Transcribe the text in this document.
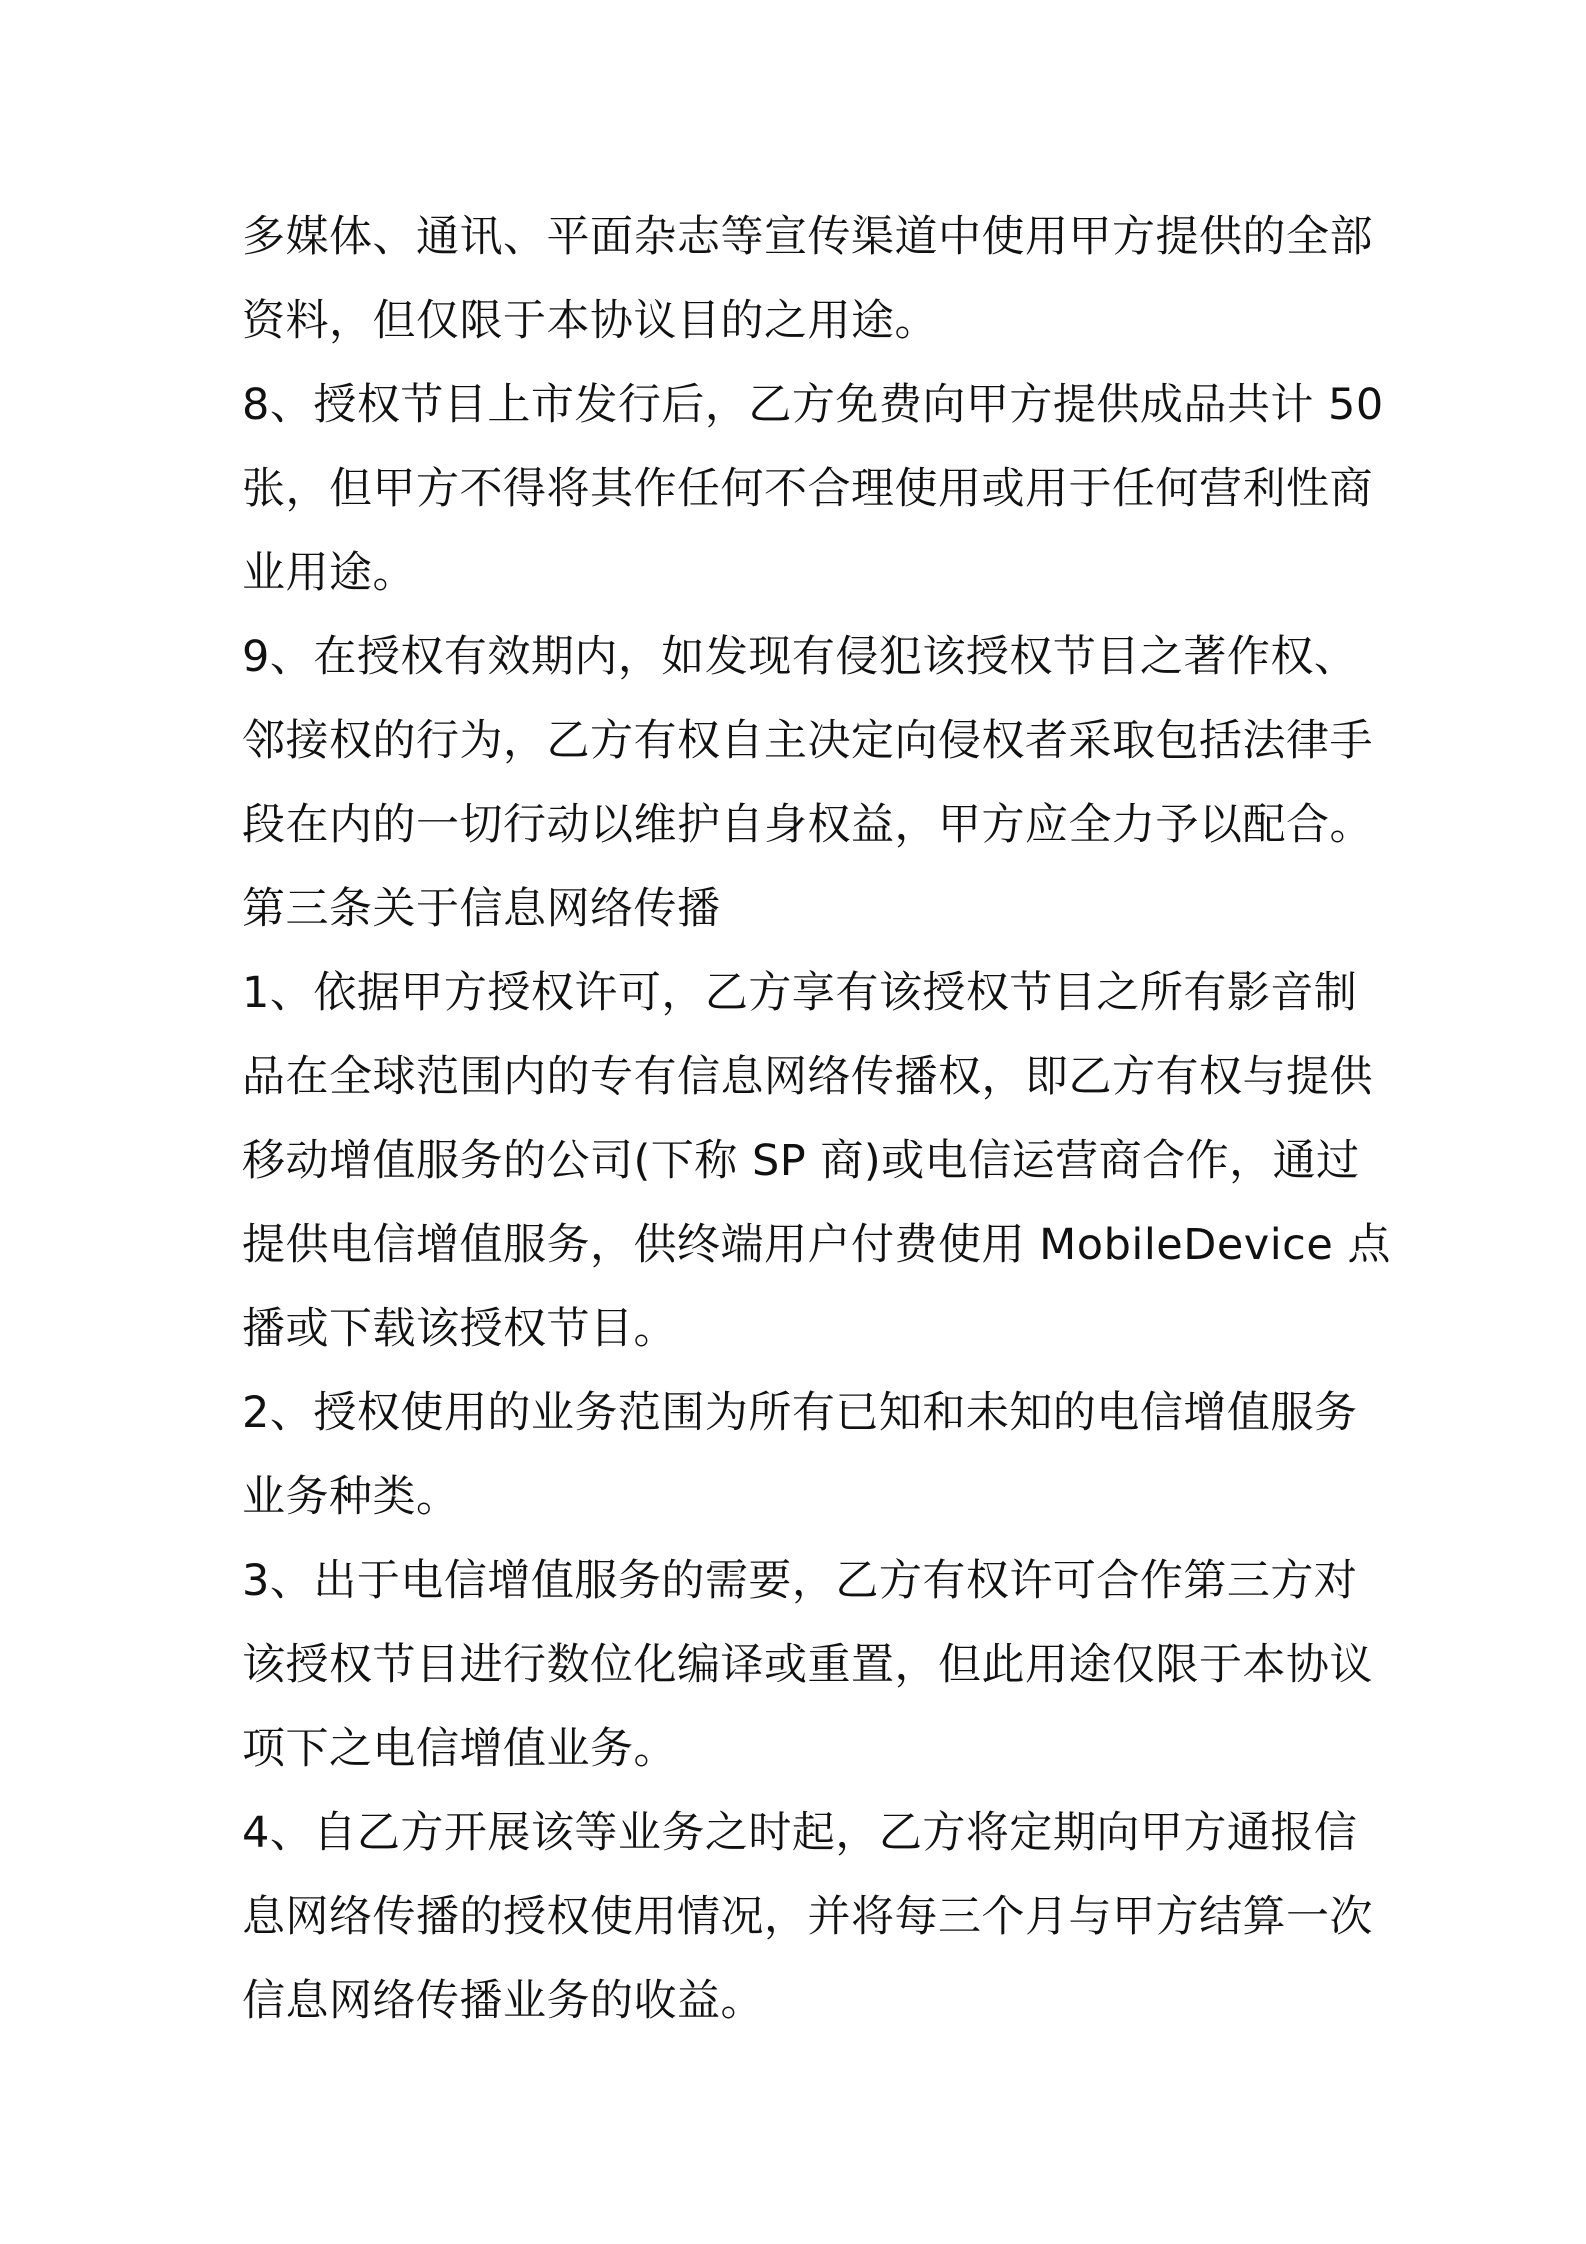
多媒体、通讯、平面杂志等宣传渠道中使用甲方提供的全部
资料，但仅限于本协议目的之用途。
8、授权节目上市发行后，乙方免费向甲方提供成品共计 50
张，但甲方不得将其作任何不合理使用或用于任何营利性商
业用途。
9、在授权有效期内，如发现有侵犯该授权节目之著作权、
邻接权的行为，乙方有权自主决定向侵权者采取包括法律手
段在内的一切行动以维护自身权益，甲方应全力予以配合。
第三条关于信息网络传播
1、依据甲方授权许可，乙方享有该授权节目之所有影音制
品在全球范围内的专有信息网络传播权，即乙方有权与提供
移动增值服务的公司(下称 SP 商)或电信运营商合作，通过
提供电信增值服务，供终端用户付费使用 MobileDevice 点
播或下载该授权节目。
2、授权使用的业务范围为所有已知和未知的电信增值服务
业务种类。
3、出于电信增值服务的需要，乙方有权许可合作第三方对
该授权节目进行数位化编译或重置，但此用途仅限于本协议
项下之电信增值业务。
4、自乙方开展该等业务之时起，乙方将定期向甲方通报信
息网络传播的授权使用情况，并将每三个月与甲方结算一次
信息网络传播业务的收益。
